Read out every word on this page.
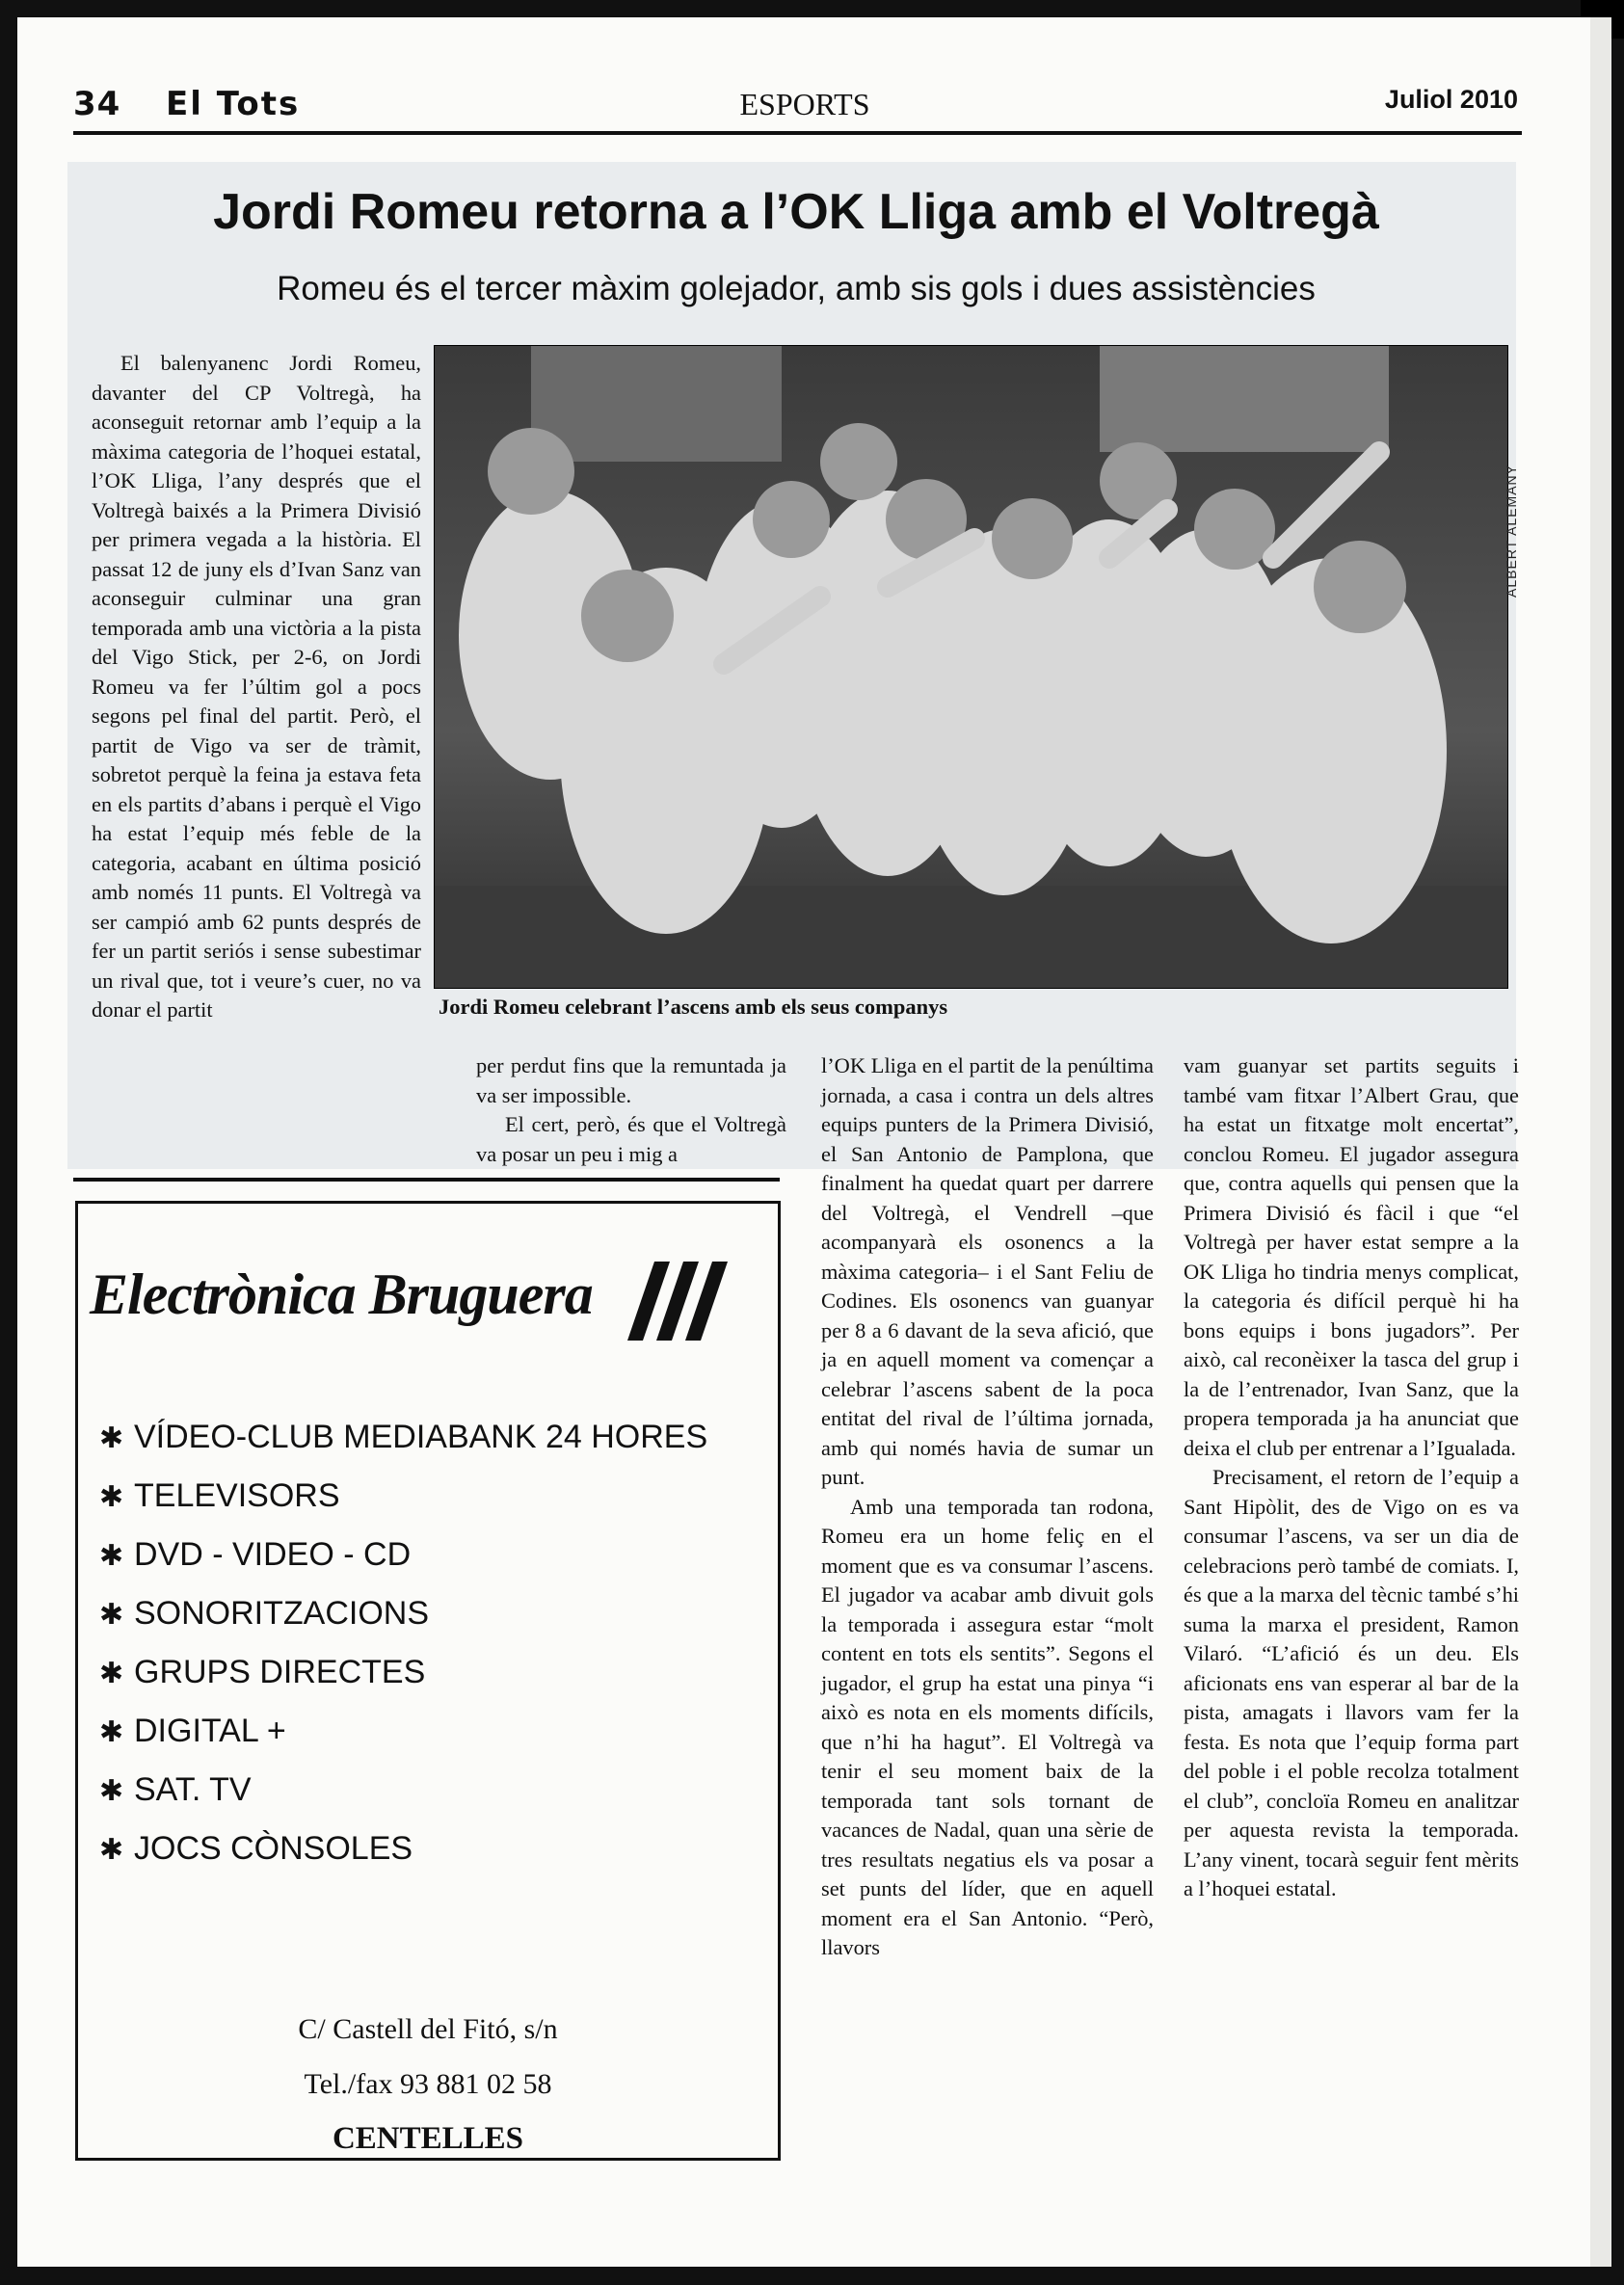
34 El Tots	ESPORTS	Juliol 2010
Jordi Romeu retorna a l’OK Lliga amb el Voltregà
Romeu és el tercer màxim golejador, amb sis gols i dues assistències

El balenyanenc Jordi Romeu, davanter del CP Voltregà, ha aconseguit retornar amb l’equip a la màxima categoria de l’hoquei estatal, l’OK Lliga, l’any després que el Voltregà baixés a la Primera Divisió per primera vegada a la història. El passat 12 de juny els d’Ivan Sanz van aconseguir culminar una gran temporada amb una victòria a la pista del Vigo Stick, per 2-6, on Jordi Romeu va fer l’últim gol a pocs segons pel final del partit. Però, el partit de Vigo va ser de tràmit, sobretot perquè la feina ja estava feta en els partits d’abans i perquè el Vigo ha estat l’equip més feble de la categoria, acabant en última posició amb només 11 punts. El Voltregà va ser campió amb 62 punts després de fer un partit seriós i sense subestimar un rival que, tot i veure’s cuer, no va donar el partit

ALBERT ALEMANY
Jordi Romeu celebrant l’ascens amb els seus companys

per perdut fins que la remuntada ja va ser impossible.

El cert, però, és que el Voltregà va posar un peu i mig a

l’OK Lliga en el partit de la penúltima jornada, a casa i contra un dels altres equips punters de la Primera Divisió, el San Antonio de Pamplona, que finalment ha quedat quart per darrere del Voltregà, el Vendrell –que acompanyarà els osonencs a la màxima categoria– i el Sant Feliu de Codines. Els osonencs van guanyar per 8 a 6 davant de la seva afició, que ja en aquell moment va començar a celebrar l’ascens sabent de la poca entitat del rival de l’última jornada, amb qui només havia de sumar un punt.

Amb una temporada tan rodona, Romeu era un home feliç en el moment que es va consumar l’ascens. El jugador va acabar amb divuit gols la temporada i assegura estar “molt content en tots els sentits”. Segons el jugador, el grup ha estat una pinya “i això es nota en els moments difícils, que n’hi ha hagut”. El Voltregà va tenir el seu moment baix de la temporada tant sols tornant de vacances de Nadal, quan una sèrie de tres resultats negatius els va posar a set punts del líder, que en aquell moment era el San Antonio. “Però, llavors

vam guanyar set partits seguits i també vam fitxar l’Albert Grau, que ha estat un fitxatge molt encertat”, conclou Romeu. El jugador assegura que, contra aquells qui pensen que la Primera Divisió és fàcil i que “el Voltregà per haver estat sempre a la OK Lliga ho tindria menys complicat, la categoria és difícil perquè hi ha bons equips i bons jugadors”. Per això, cal reconèixer la tasca del grup i la de l’entrenador, Ivan Sanz, que la propera temporada ja ha anunciat que deixa el club per entrenar a l’Igualada.

Precisament, el retorn de l’equip a Sant Hipòlit, des de Vigo on es va consumar l’ascens, va ser un dia de celebracions però també de comiats. I, és que a la marxa del tècnic també s’hi suma la marxa el president, Ramon Vilaró. “L’afició és un deu. Els aficionats ens van esperar al bar de la pista, amagats i llavors vam fer la festa. Es nota que l’equip forma part del poble i el poble recolza totalment el club”, concloïa Romeu en analitzar per aquesta revista la temporada. L’any vinent, tocarà seguir fent mèrits a l’hoquei estatal.

Electrònica Bruguera
✱ VÍDEO-CLUB MEDIABANK 24 HORES
✱ TELEVISORS
✱ DVD - VIDEO - CD
✱ SONORITZACIONS
✱ GRUPS DIRECTES
✱ DIGITAL +
✱ SAT. TV
✱ JOCS CÒNSOLES
C/ Castell del Fitó, s/n
Tel./fax 93 881 02 58
CENTELLES
